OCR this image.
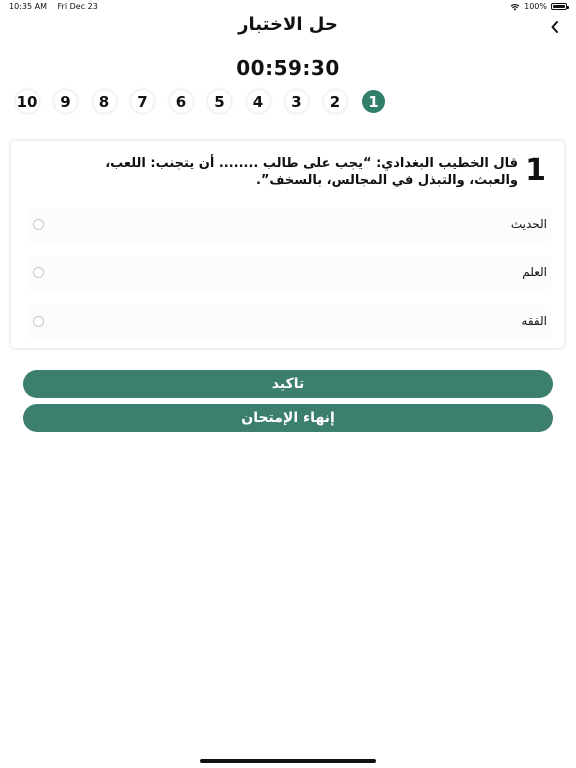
10:35 AM Fri Dec 23	100%
حل الاختبار
00:59:30
1
2
3
4
5
6
7
8
9
10
1
قال الخطيب البغدادي: “يجب على طالب ........ أن يتجنب: اللعب، والعبث، والتبذل في المجالس، بالسخف”.
الحديث
العلم
الفقه
تاكيد
إنهاء الإمتحان
